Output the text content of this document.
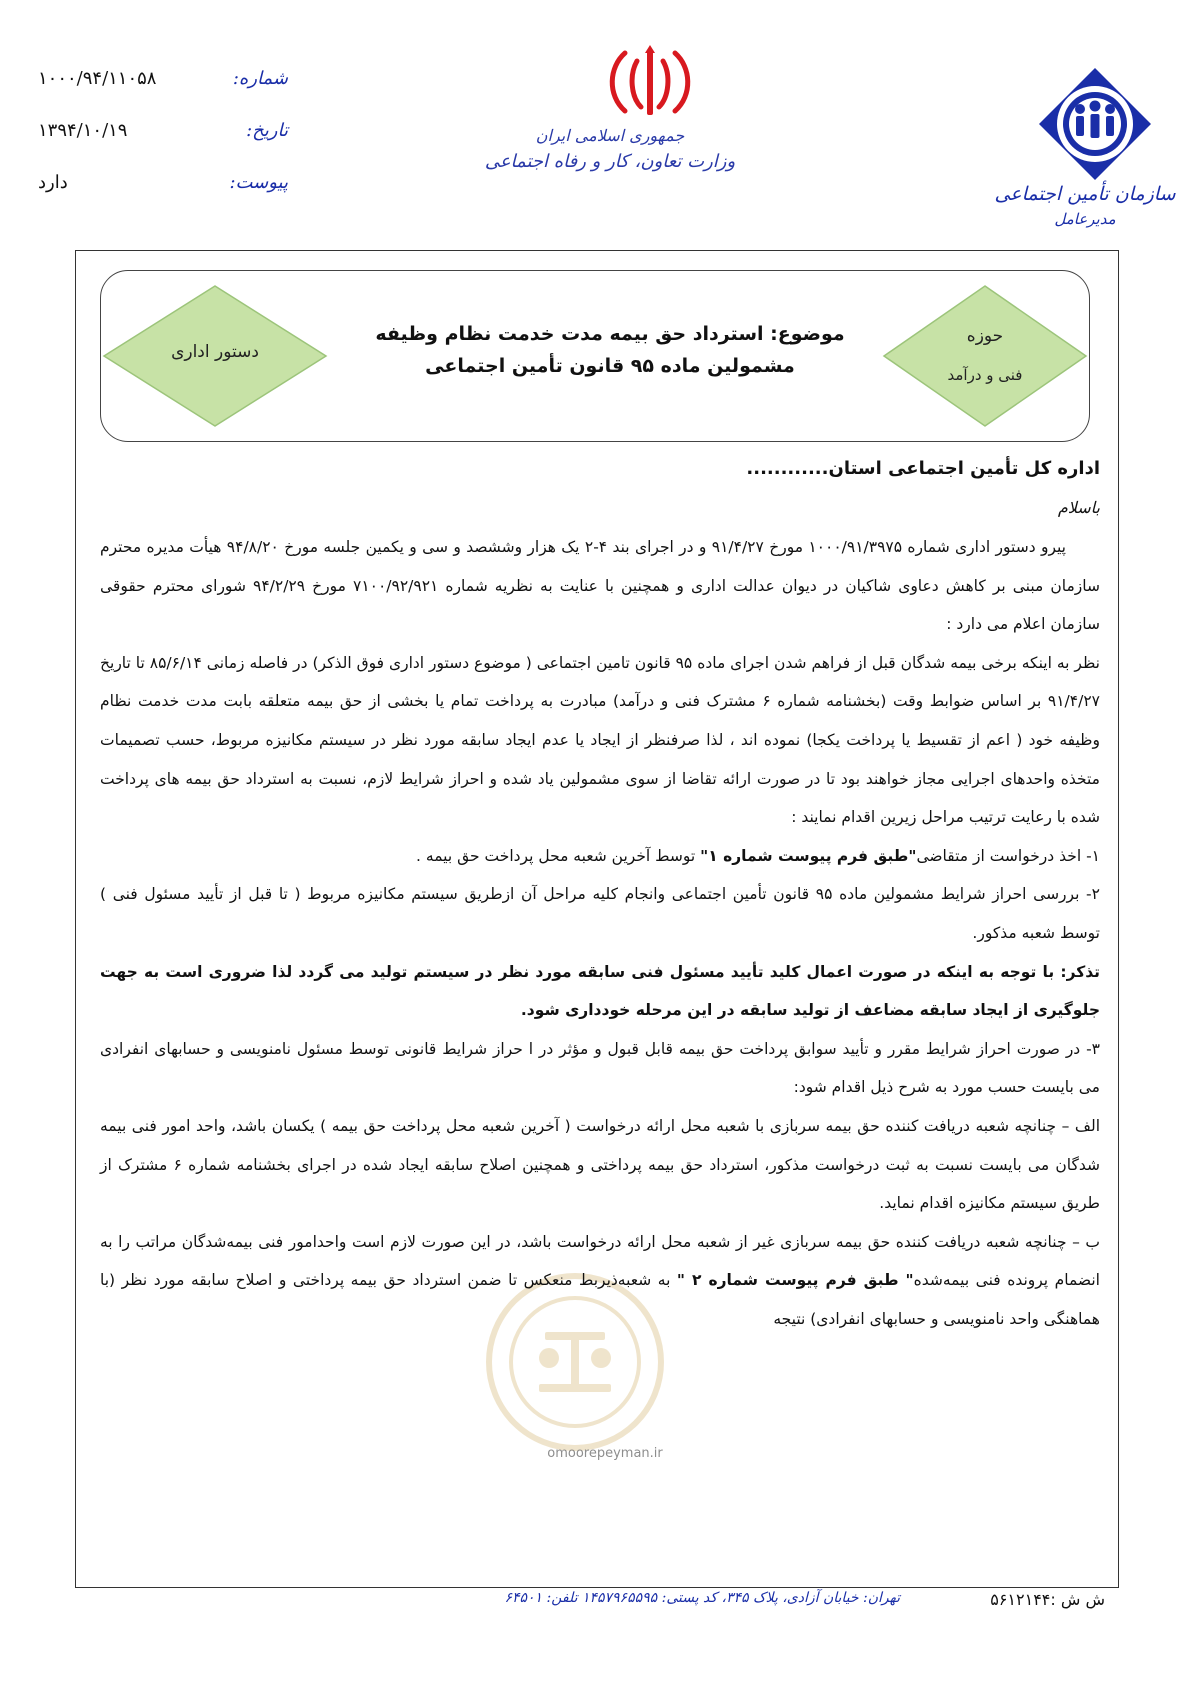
شماره:
۱۰۰۰/۹۴/۱۱۰۵۸
تاریخ:
۱۳۹۴/۱۰/۱۹
پیوست:
دارد
جمهوری اسلامی ایران
وزارت تعاون، کار و رفاه اجتماعی
سازمان تأمین اجتماعی
مدیرعامل
دستور اداری
حوزه
فنی و درآمد
موضوع: استرداد حق بیمه مدت خدمت نظام وظیفه
مشمولین ماده ۹۵ قانون تأمین اجتماعی
omoorepeyman.ir

اداره کل تأمین اجتماعی استان............

باسلام

پیرو دستور اداری شماره ۱۰۰۰/۹۱/۳۹۷۵ مورخ ۹۱/۴/۲۷ و در اجرای بند ۴-۲ یک هزار وششصد و سی و یکمین جلسه مورخ ۹۴/۸/۲۰ هیأت مدیره محترم سازمان مبنی بر کاهش دعاوی شاکیان در دیوان عدالت اداری و همچنین با عنایت به نظریه شماره ۷۱۰۰/۹۲/۹۲۱ مورخ ۹۴/۲/۲۹ شورای محترم حقوقی سازمان اعلام می دارد :

نظر به اینکه برخی بیمه شدگان قبل از فراهم شدن اجرای ماده ۹۵ قانون تامین اجتماعی ( موضوع دستور اداری فوق الذکر) در فاصله زمانی ۸۵/۶/۱۴ تا تاریخ ۹۱/۴/۲۷ بر اساس ضوابط وقت (بخشنامه شماره ۶ مشترک فنی و درآمد) مبادرت به پرداخت تمام یا بخشی از حق بیمه متعلقه بابت مدت خدمت نظام وظیفه خود ( اعم از تقسیط یا پرداخت یکجا) نموده اند ، لذا صرفنظر از ایجاد یا عدم ایجاد سابقه مورد نظر در سیستم مکانیزه مربوط، حسب تصمیمات متخذه واحدهای اجرایی مجاز خواهند بود تا در صورت ارائه تقاضا از سوی مشمولین یاد شده و احراز شرایط لازم، نسبت به استرداد حق بیمه های پرداخت شده با رعایت ترتیب مراحل زیرین اقدام نمایند :

۱- اخذ درخواست از متقاضی"طبق فرم پیوست شماره ۱" توسط آخرین شعبه محل پرداخت حق بیمه .

۲- بررسی احراز شرایط مشمولین ماده ۹۵ قانون تأمین اجتماعی وانجام کلیه مراحل آن ازطریق سیستم مکانیزه مربوط ( تا قبل از تأیید مسئول فنی ) توسط شعبه مذکور.

تذکر: با توجه به اینکه در صورت اعمال کلید تأیید مسئول فنی سابقه مورد نظر در سیستم تولید می گردد لذا ضروری است به جهت جلوگیری از ایجاد سابقه مضاعف از تولید سابقه در این مرحله خودداری شود.

۳- در صورت احراز شرایط مقرر و تأیید سوابق پرداخت حق بیمه قابل قبول و مؤثر در ا حراز شرایط قانونی توسط مسئول نامنویسی و حسابهای انفرادی می بایست حسب مورد به شرح ذیل اقدام شود:

الف – چنانچه شعبه دریافت کننده حق بیمه سربازی با شعبه محل ارائه درخواست ( آخرین شعبه محل پرداخت حق بیمه ) یکسان باشد، واحد امور فنی بیمه شدگان می بایست نسبت به ثبت درخواست مذکور، استرداد حق بیمه پرداختی و همچنین اصلاح سابقه ایجاد شده در اجرای بخشنامه شماره ۶ مشترک از طریق سیستم مکانیزه اقدام نماید.

ب – چنانچه شعبه دریافت کننده حق بیمه سربازی غیر از شعبه محل ارائه درخواست باشد، در این صورت لازم است واحدامور فنی بیمه‌شدگان مراتب را به انضمام پرونده فنی بیمه‌شده" طبق فرم پیوست شماره ۲ " به شعبه‌ذیربط منعکس تا ضمن استرداد حق بیمه پرداختی و اصلاح سابقه مورد نظر (با هماهنگی واحد نامنویسی و حسابهای انفرادی) نتیجه

تهران: خیابان آزادی، پلاک ۳۴۵، کد پستی: ۱۴۵۷۹۶۵۵۹۵ تلفن: ۶۴۵۰۱	ش ش :۵۶۱۲۱۴۴
